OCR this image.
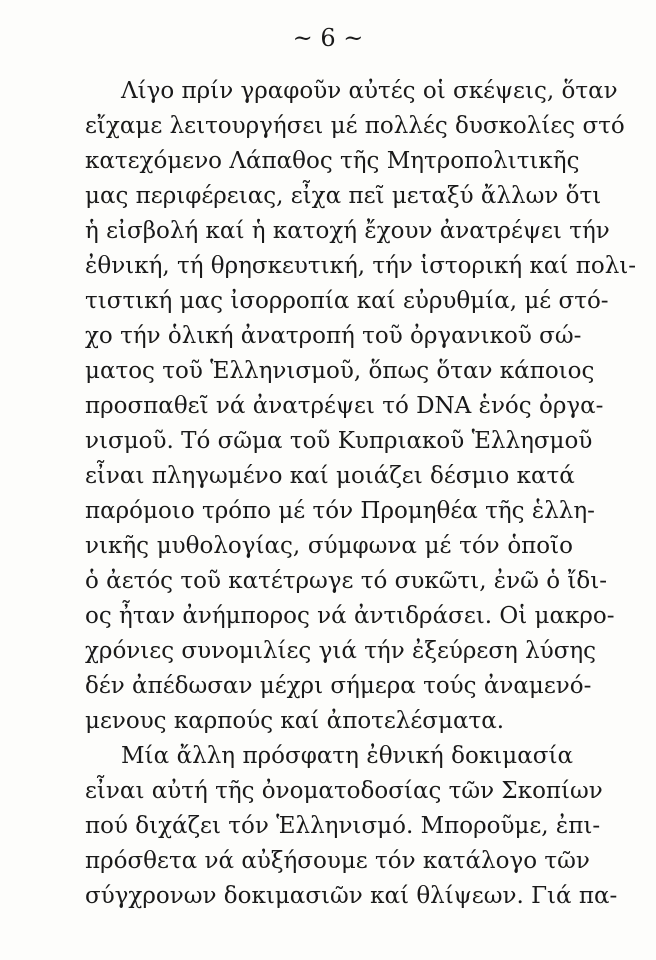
~ 6 ~
Λίγο πρίν γραφοῦν αὐτές οἱ σκέψεις, ὅταν
εἴχαμε λειτουργήσει μέ πολλές δυσκολίες στό
κατεχόμενο Λάπαθος τῆς Μητροπολιτικῆς
μας περιφέρειας, εἶχα πεῖ μεταξύ ἄλλων ὅτι
ἡ εἰσβολή καί ἡ κατοχή ἔχουν ἀνατρέψει τήν
ἐθνική, τή θρησκευτική, τήν ἱστορική καί πολι-
τιστική μας ἰσορροπία καί εὐρυθμία, μέ στό-
χο τήν ὁλική ἀνατροπή τοῦ ὀργανικοῦ σώ-
ματος τοῦ Ἑλληνισμοῦ, ὅπως ὅταν κάποιος
προσπαθεῖ νά ἀνατρέψει τό DNA ἑνός ὀργα-
νισμοῦ. Τό σῶμα τοῦ Κυπριακοῦ Ἑλλησμοῦ
εἶναι πληγωμένο καί μοιάζει δέσμιο κατά
παρόμοιο τρόπο μέ τόν Προμηθέα τῆς ἑλλη-
νικῆς μυθολογίας, σύμφωνα μέ τόν ὁποῖο
ὁ ἀετός τοῦ κατέτρωγε τό συκῶτι, ἐνῶ ὁ ἴδι-
ος ἦταν ἀνήμπορος νά ἀντιδράσει. Οἱ μακρο-
χρόνιες συνομιλίες γιά τήν ἐξεύρεση λύσης
δέν ἀπέδωσαν μέχρι σήμερα τούς ἀναμενό-
μενους καρπούς καί ἀποτελέσματα.
Μία ἄλλη πρόσφατη ἐθνική δοκιμασία
εἶναι αὐτή τῆς ὀνοματοδοσίας τῶν Σκοπίων
πού διχάζει τόν Ἑλληνισμό. Μποροῦμε, ἐπι-
πρόσθετα νά αὐξήσουμε τόν κατάλογο τῶν
σύγχρονων δοκιμασιῶν καί θλίψεων. Γιά πα-
